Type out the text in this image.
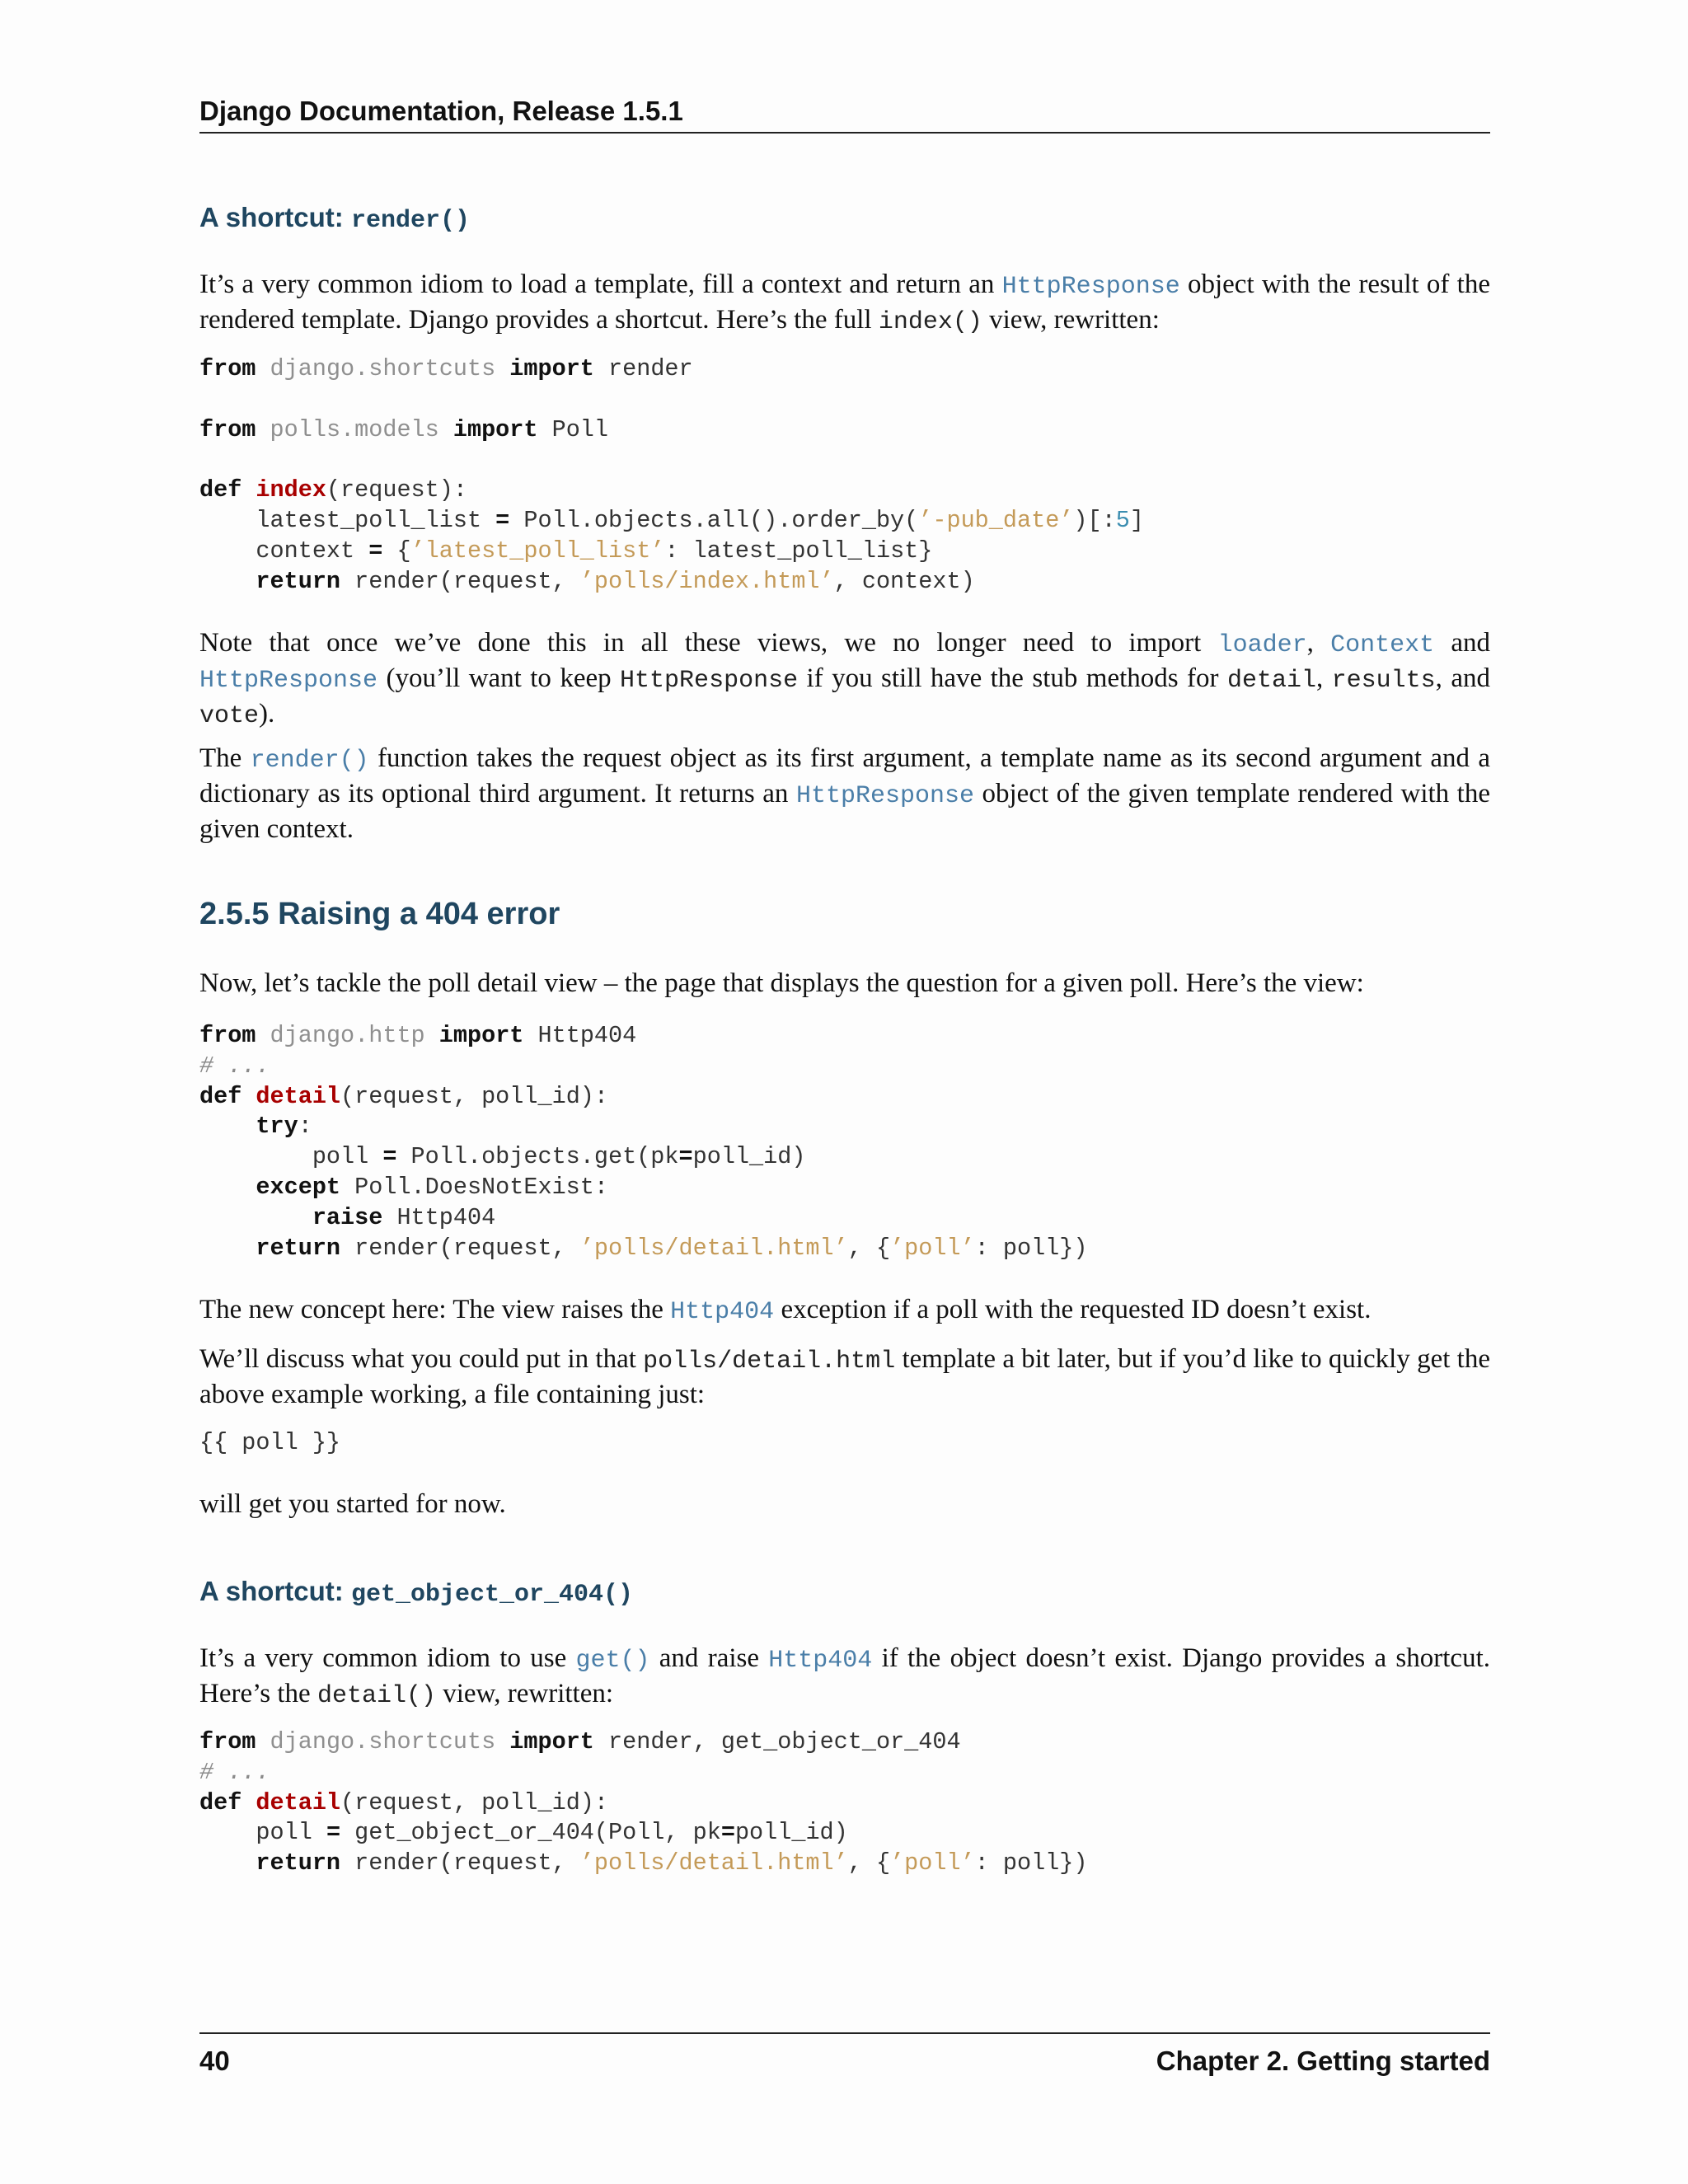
Django Documentation, Release 1.5.1
A shortcut: render()

It’s a very common idiom to load a template, fill a context and return an HttpResponse object with the result of the rendered template. Django provides a shortcut. Here’s the full index() view, rewritten:

from django.shortcuts import render

from polls.models import Poll

def index(request):
latest_poll_list = Poll.objects.all().order_by(’-pub_date’)[:5]
context = {’latest_poll_list’: latest_poll_list}
return render(request, ’polls/index.html’, context)

Note that once we’ve done this in all these views, we no longer need to import loader, Context and HttpResponse (you’ll want to keep HttpResponse if you still have the stub methods for detail, results, and vote).

The render() function takes the request object as its first argument, a template name as its second argument and a dictionary as its optional third argument. It returns an HttpResponse object of the given template rendered with the given context.

2.5.5 Raising a 404 error

Now, let’s tackle the poll detail view – the page that displays the question for a given poll. Here’s the view:

from django.http import Http404
# ...
def detail(request, poll_id):
try:
poll = Poll.objects.get(pk=poll_id)
except Poll.DoesNotExist:
raise Http404
return render(request, ’polls/detail.html’, {’poll’: poll})

The new concept here: The view raises the Http404 exception if a poll with the requested ID doesn’t exist.

We’ll discuss what you could put in that polls/detail.html template a bit later, but if you’d like to quickly get the above example working, a file containing just:

{{ poll }}

will get you started for now.

A shortcut: get_object_or_404()

It’s a very common idiom to use get() and raise Http404 if the object doesn’t exist. Django provides a shortcut. Here’s the detail() view, rewritten:

from django.shortcuts import render, get_object_or_404
# ...
def detail(request, poll_id):
poll = get_object_or_404(Poll, pk=poll_id)
return render(request, ’polls/detail.html’, {’poll’: poll})
40	Chapter 2. Getting started
